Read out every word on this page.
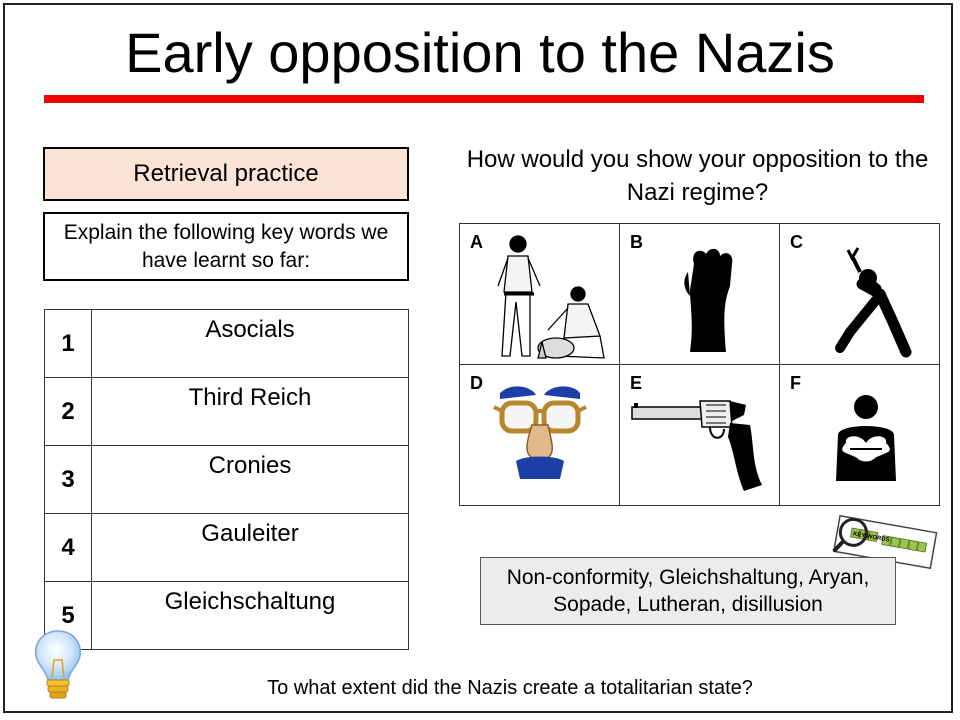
Early opposition to the Nazis
Retrieval practice
Explain the following key words we have learnt so far:
1	Asocials
2	Third Reich
3	Cronies
4	Gauleiter
5	Gleichschaltung
How would you show your opposition to the Nazi regime?
A	B	C

D	E	F
KEY WORDS
Non-conformity, Gleichshaltung, Aryan, Sopade, Lutheran, disillusion
To what extent did the Nazis create a totalitarian state?
